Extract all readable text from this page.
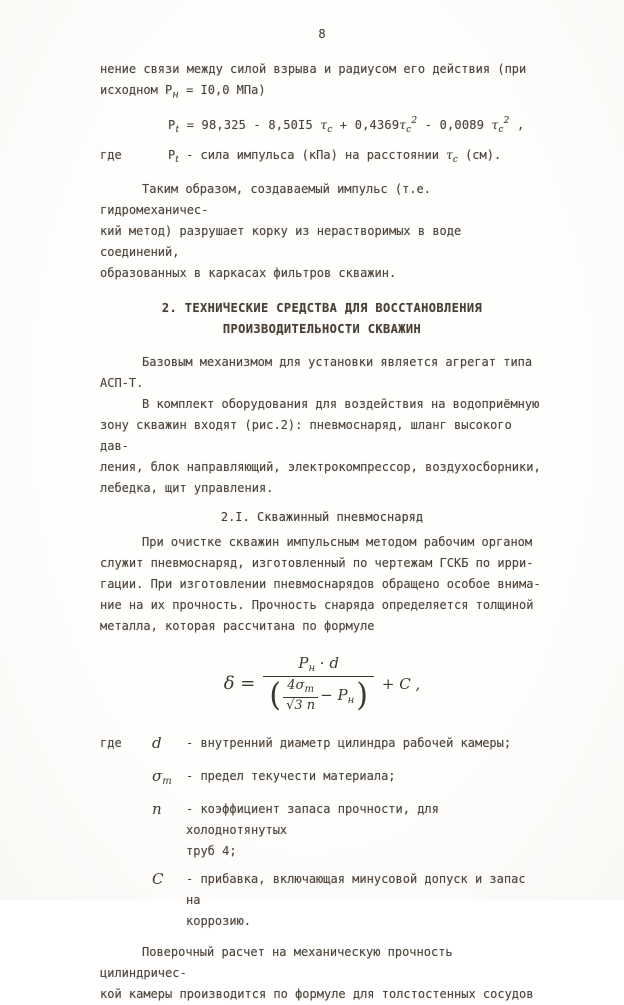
8
нение связи между силой взрыва и радиусом его действия (при
исходном $Р_н = I0,0$ МПа)
$P_t = 98,325 - 8,50I5$ $\tau_c + 0,4369\tau_c^2 - 0,0089$ $\tau_c^2$ ,
где	$P_t$ - сила импульса (кПа) на расстоянии $\tau_c$ (см).
Таким образом, создаваемый импульс (т.е. гидромеханичес-
кий метод) разрушает корку из нерастворимых в воде соединений,
образованных в каркасах фильтров скважин.
2. ТЕХНИЧЕСКИЕ СРЕДСТВА ДЛЯ ВОССТАНОВЛЕНИЯ
ПРОИЗВОДИТЕЛЬНОСТИ СКВАЖИН
Базовым механизмом для установки является агрегат типа
АСП-Т.
В комплект оборудования для воздействия на водоприёмную
зону скважин входят (рис.2): пневмоснаряд, шланг высокого дав-
ления, блок направляющий, электрокомпрессор, воздухосборники,
лебедка, щит управления.
2.I. Скважинный пневмоснаряд
При очистке скважин импульсным методом рабочим органом
служит пневмоснаряд, изготовленный по чертежам ГСКБ по ирри-
гации. При изготовлении пневмоснарядов обращено особое внима-
ние на их прочность. Прочность снаряда определяется толщиной
металла, которая рассчитана по формуле
δ =
$P_н \cdot d$
( $\frac{4\sigma_т}{√3 n} - P_н$ ) + C ,
где	d	- внутренний диаметр цилиндра рабочей камеры;
$\sigma_т$	- предел текучести материала;
n	- коэффициент запаса прочности, для холоднотянутых
труб 4;
C	- прибавка, включающая минусовой допуск и запас на
коррозию.
Поверочный расчет на механическую прочность цилиндричес-
кой камеры производится по формуле для толстостенных сосудов
